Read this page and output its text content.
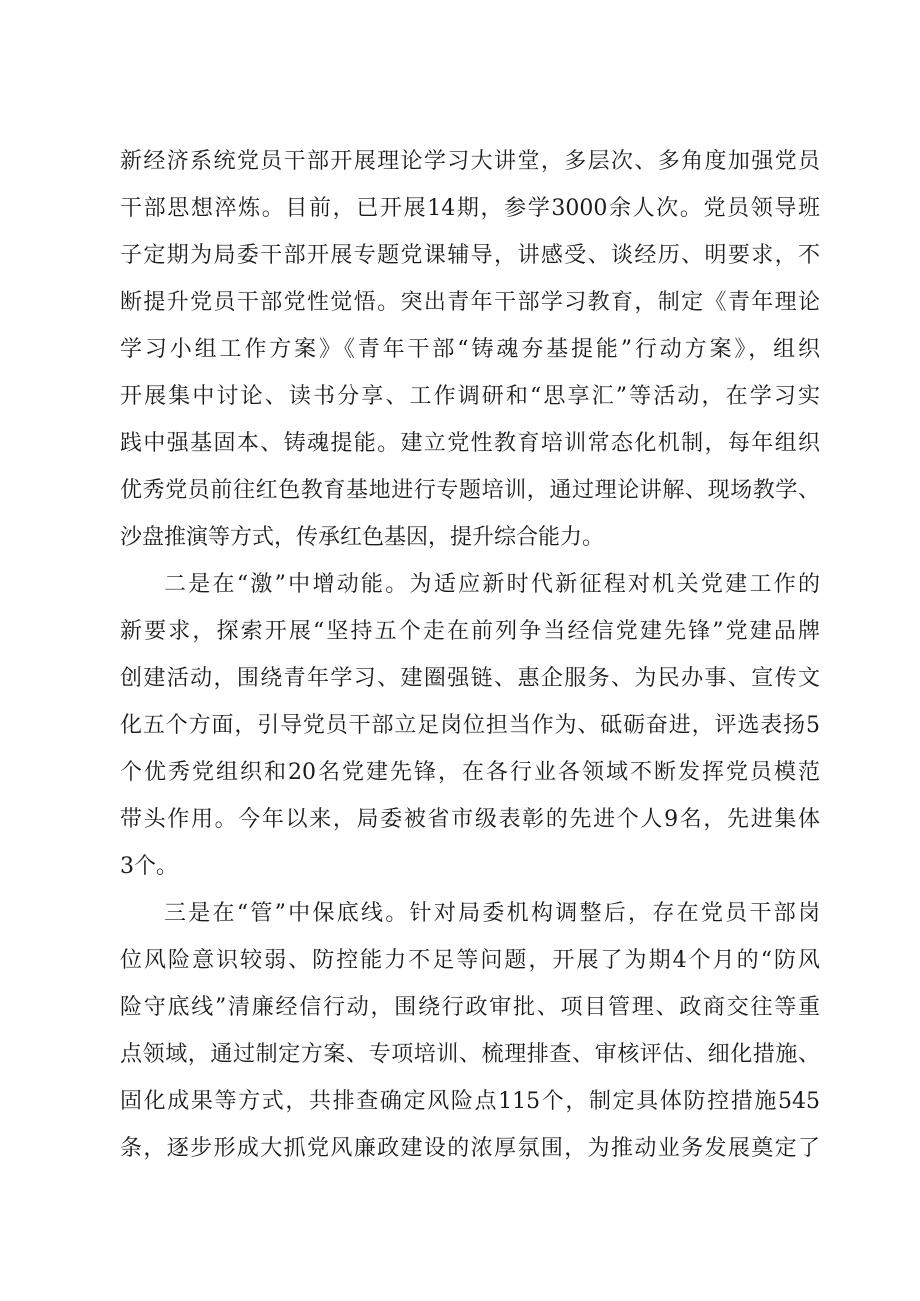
新经济系统党员干部开展理论学习大讲堂，多层次、多角度加强党员
干部思想淬炼。目前，已开展14期，参学3000余人次。党员领导班
子定期为局委干部开展专题党课辅导，讲感受、谈经历、明要求，不
断提升党员干部党性觉悟。突出青年干部学习教育，制定《青年理论
学习小组工作方案》《青年干部“铸魂夯基提能”行动方案》，组织
开展集中讨论、读书分享、工作调研和“思享汇”等活动，在学习实
践中强基固本、铸魂提能。建立党性教育培训常态化机制，每年组织
优秀党员前往红色教育基地进行专题培训，通过理论讲解、现场教学、
沙盘推演等方式，传承红色基因，提升综合能力。
二是在“激”中增动能。为适应新时代新征程对机关党建工作的
新要求，探索开展“坚持五个走在前列争当经信党建先锋”党建品牌
创建活动，围绕青年学习、建圈强链、惠企服务、为民办事、宣传文
化五个方面，引导党员干部立足岗位担当作为、砥砺奋进，评选表扬5
个优秀党组织和20名党建先锋，在各行业各领域不断发挥党员模范
带头作用。今年以来，局委被省市级表彰的先进个人9名，先进集体
3个。
三是在“管”中保底线。针对局委机构调整后，存在党员干部岗
位风险意识较弱、防控能力不足等问题，开展了为期4个月的“防风
险守底线”清廉经信行动，围绕行政审批、项目管理、政商交往等重
点领域，通过制定方案、专项培训、梳理排查、审核评估、细化措施、
固化成果等方式，共排查确定风险点115个，制定具体防控措施545
条，逐步形成大抓党风廉政建设的浓厚氛围，为推动业务发展奠定了
